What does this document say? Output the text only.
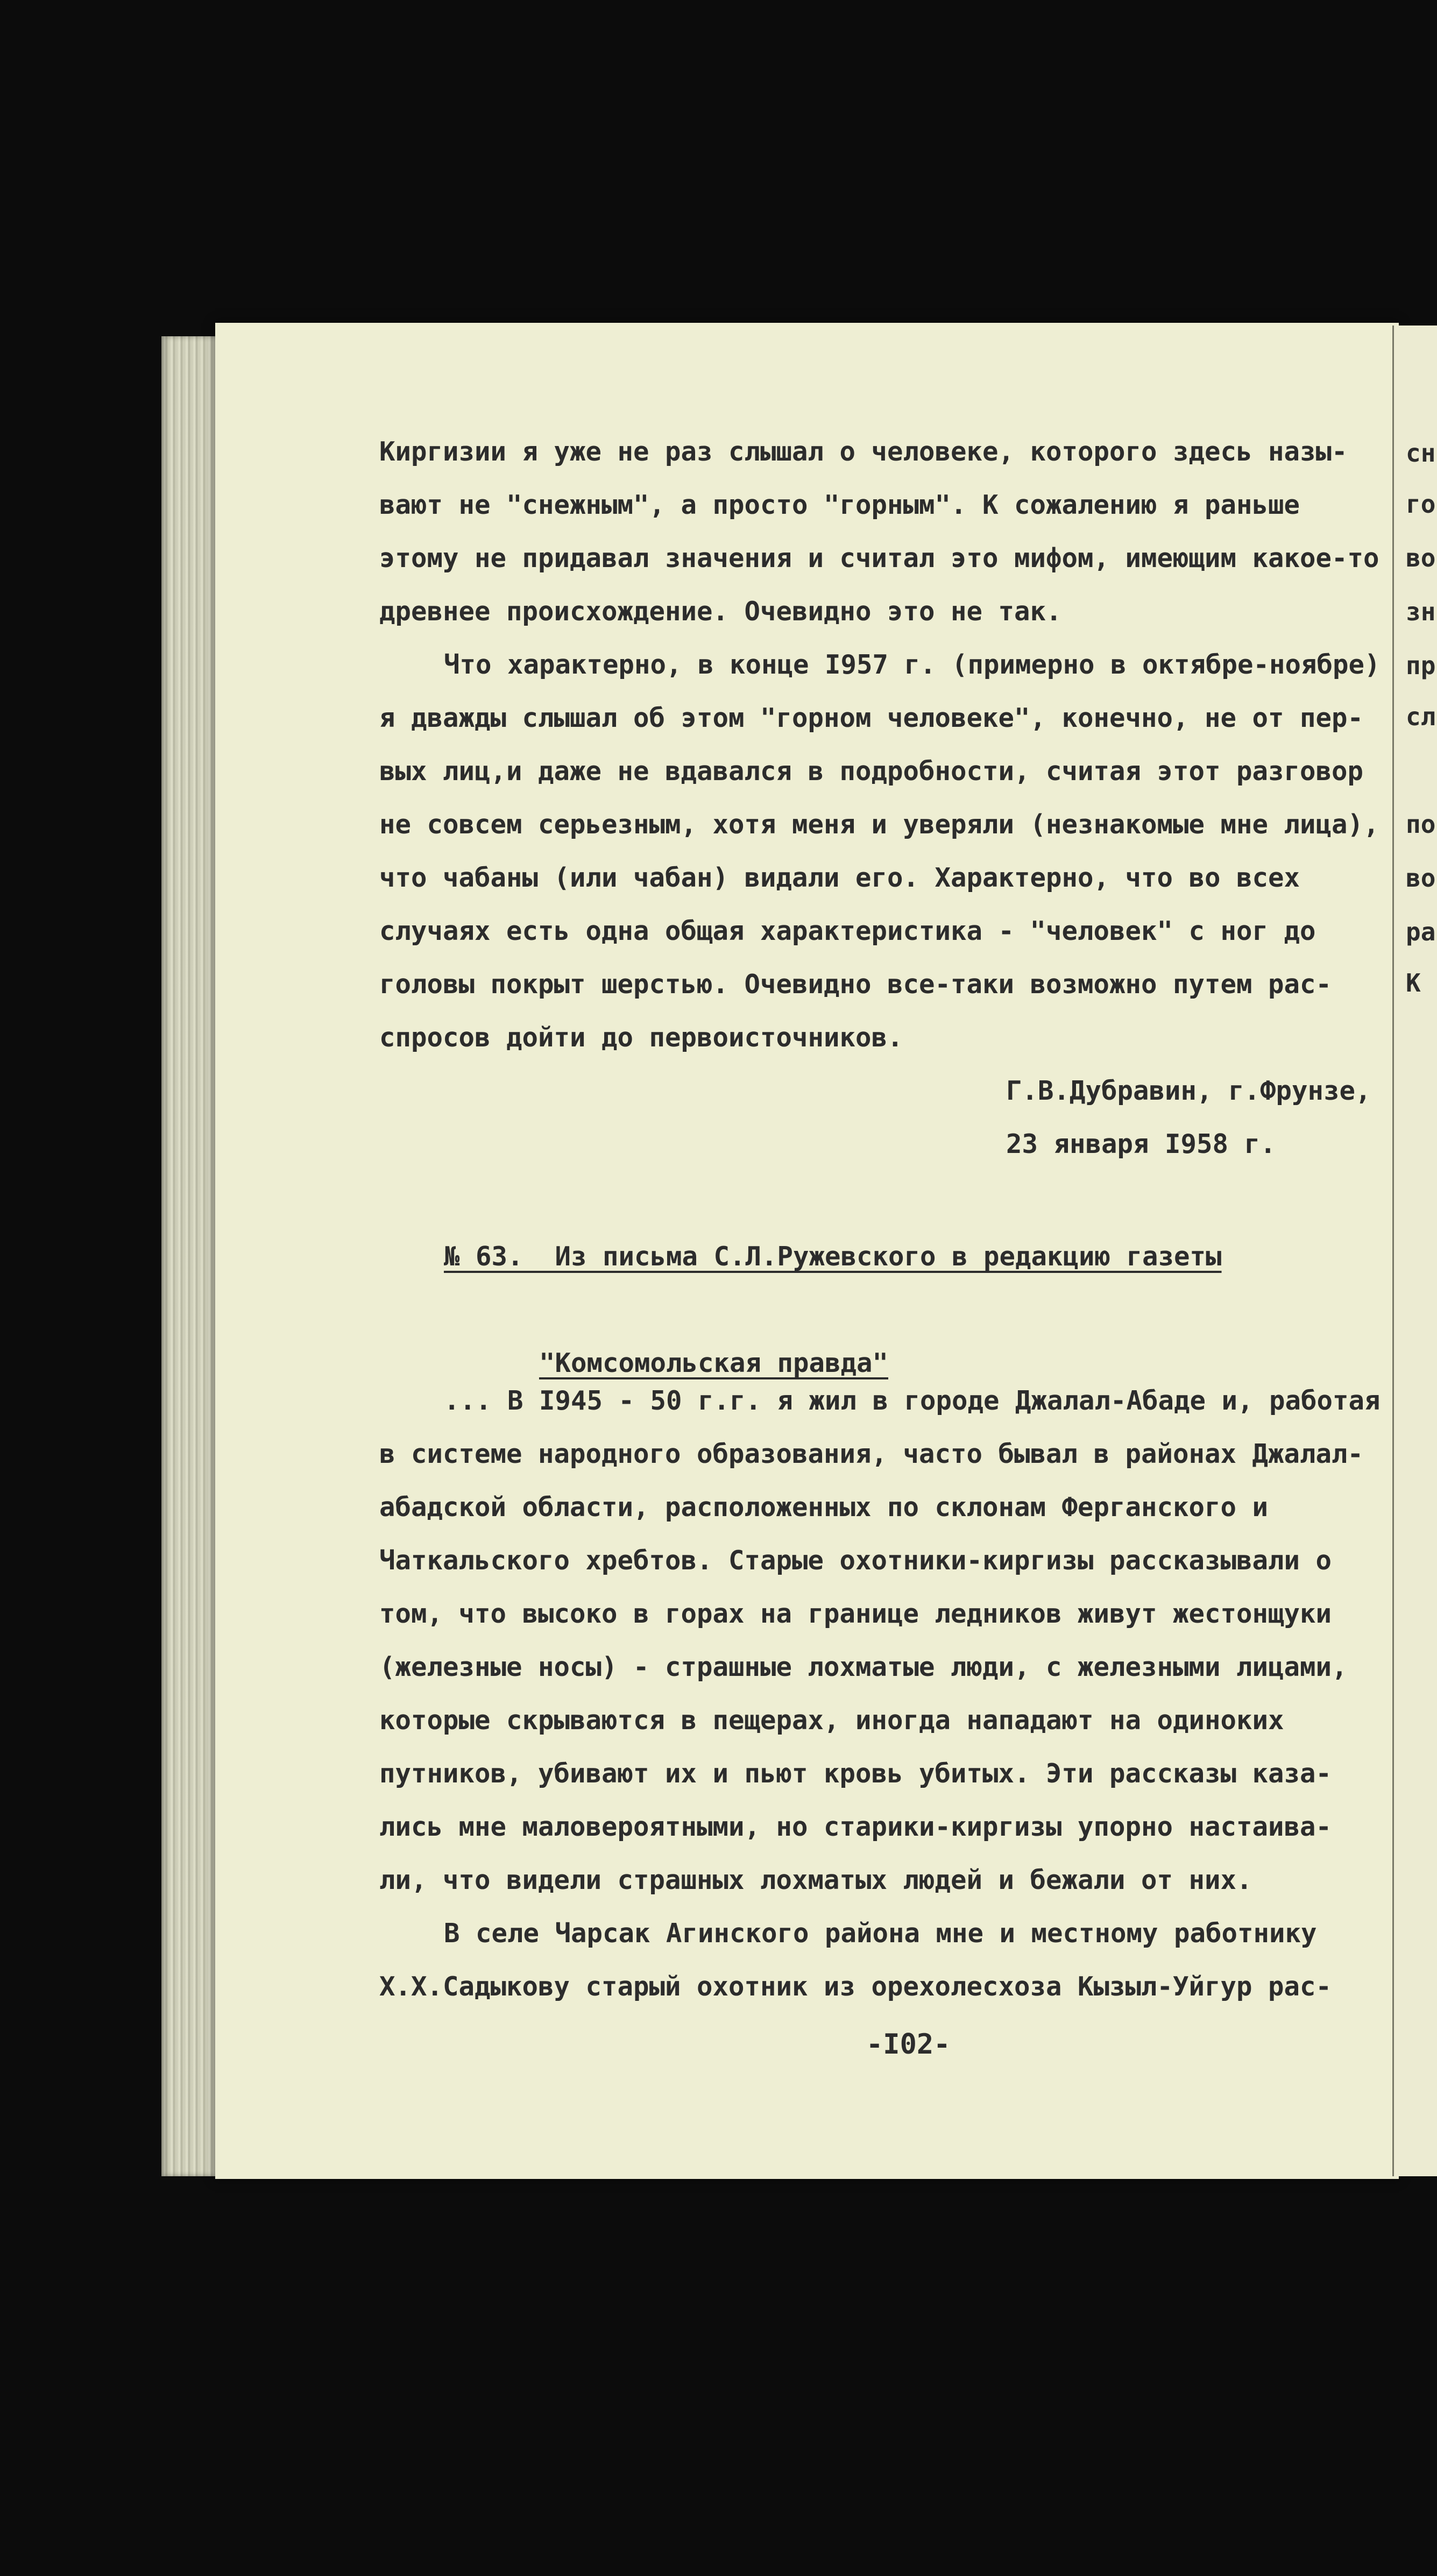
сн
го
во
зн
пр
сл
по
во
ра
К
Киргизии я уже не раз слышал о человеке, которого здесь назы-
вают не "снежным", а просто "горным". К сожалению я раньше
этому не придавал значения и считал это мифом, имеющим какое-то
древнее происхождение. Очевидно это не так.
Что характерно, в конце I957 г. (примерно в октябре-ноябре)
я дважды слышал об этом "горном человеке", конечно, не от пер-
вых лиц,и даже не вдавался в подробности, считая этот разговор
не совсем серьезным, хотя меня и уверяли (незнакомые мне лица),
что чабаны (или чабан) видали его. Характерно, что во всех
случаях есть одна общая характеристика - "человек" с ног до
головы покрыт шерстью. Очевидно все-таки возможно путем рас-
спросов дойти до первоисточников.
Г.В.Дубравин, г.Фрунзе,
23 января I958 г.
№ 63.  Из письма С.Л.Ружевского в редакцию газеты

"Комсомольская правда"

... В I945 - 50 г.г. я жил в городе Джалал-Абаде и, работая
в системе народного образования, часто бывал в районах Джалал-
абадской области, расположенных по склонам Ферганского и
Чаткальского хребтов. Старые охотники-киргизы рассказывали о
том, что высоко в горах на границе ледников живут жестонщуки
(железные носы) - страшные лохматые люди, с железными лицами,
которые скрываются в пещерах, иногда нападают на одиноких
путников, убивают их и пьют кровь убитых. Эти рассказы каза-
лись мне маловероятными, но старики-киргизы упорно настаива-
ли, что видели страшных лохматых людей и бежали от них.
В селе Чарсак Агинского района мне и местному работнику
Х.Х.Садыкову старый охотник из орехолесхоза Кызыл-Уйгур рас-
-I02-
